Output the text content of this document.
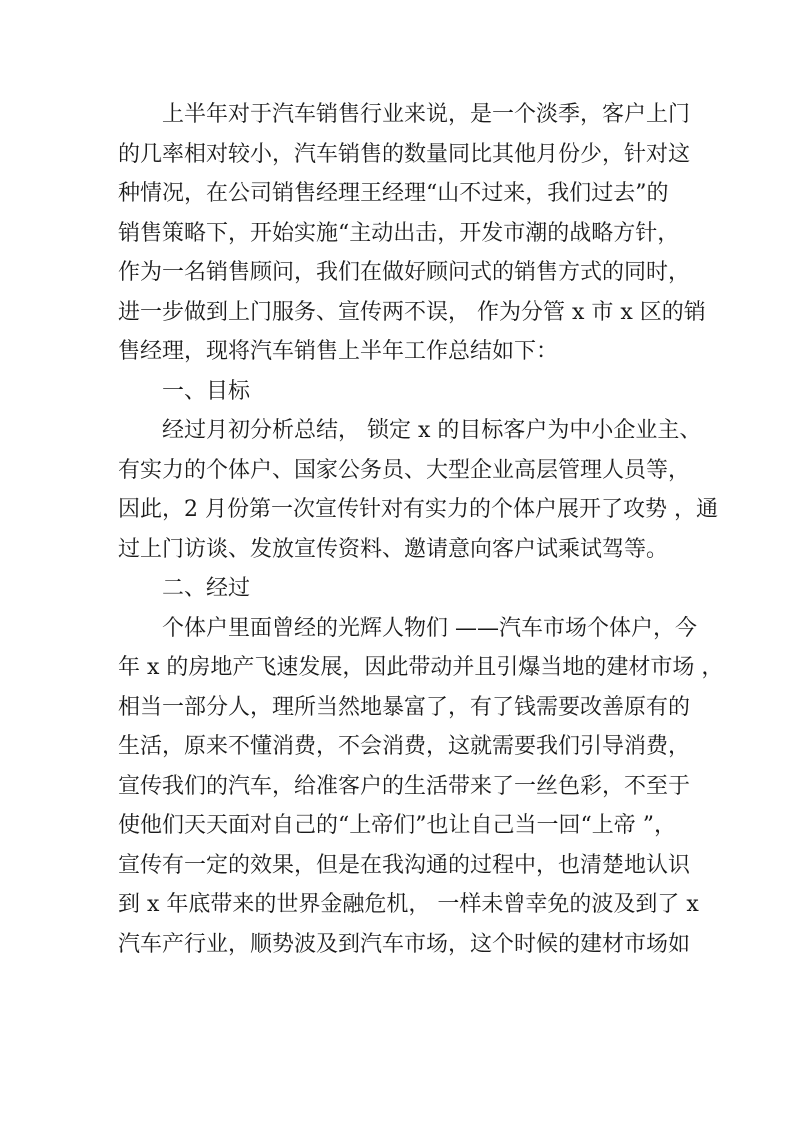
上半年对于汽车销售行业来说，是一个淡季，客户上门
的几率相对较小，汽车销售的数量同比其他月份少，针对这
种情况，在公司销售经理王经理“山不过来，我们过去”的
销售策略下，开始实施“主动出击，开发市潮的战略方针，
作为一名销售顾问，我们在做好顾问式的销售方式的同时，
进一步做到上门服务、宣传两不误， 作为分管 x 市 x 区的销
售经理，现将汽车销售上半年工作总结如下：
一、目标
经过月初分析总结， 锁定 x 的目标客户为中小企业主、
有实力的个体户、国家公务员、大型企业高层管理人员等，
因此，2 月份第一次宣传针对有实力的个体户展开了攻势 ，通
过上门访谈、发放宣传资料、邀请意向客户试乘试驾等。
二、经过
个体户里面曾经的光辉人物们 ——汽车市场个体户，今
年 x 的房地产飞速发展，因此带动并且引爆当地的建材市场 ，
相当一部分人，理所当然地暴富了，有了钱需要改善原有的
生活，原来不懂消费，不会消费，这就需要我们引导消费，
宣传我们的汽车，给准客户的生活带来了一丝色彩，不至于
使他们天天面对自己的“上帝们”也让自己当一回“上帝 ”，
宣传有一定的效果，但是在我沟通的过程中，也清楚地认识
到 x 年底带来的世界金融危机， 一样未曾幸免的波及到了 x
汽车产行业，顺势波及到汽车市场，这个时候的建材市场如
